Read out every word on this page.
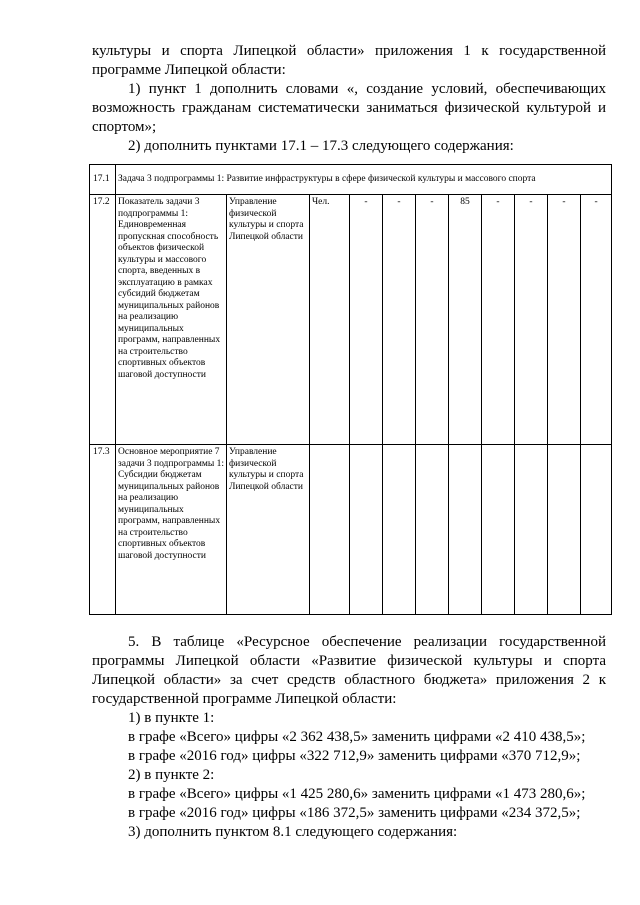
культуры и спорта Липецкой области» приложения 1 к государственной

программе Липецкой области:

1) пункт 1 дополнить словами «, создание условий, обеспечивающих

возможность гражданам систематически заниматься физической культурой и

спортом»;

2) дополнить пунктами 17.1 – 17.3 следующего содержания:

17.1	Задача 3 подпрограммы 1: Развитие инфраструктуры в сфере физической культуры и массового спорта										
17.2	Показатель задачи 3 подпрограммы 1: Единовременная пропускная способность объектов физической культуры и массового спорта, введенных в эксплуатацию в рамках субсидий бюджетам муниципальных районов на реализацию муниципальных программ, направленных на строительство спортивных объектов шаговой доступности	Управление физической культуры и спорта Липецкой области	Чел.	-	-	-	85	-	-	-	-
17.3	Основное мероприятие 7 задачи 3 подпрограммы 1: Субсидии бюджетам муниципальных районов на реализацию муниципальных программ, направленных на строительство спортивных объектов шаговой доступности	Управление физической культуры и спорта Липецкой области									

5. В таблице «Ресурсное обеспечение реализации государственной

программы Липецкой области «Развитие физической культуры и спорта

Липецкой области» за счет средств областного бюджета» приложения 2 к

государственной программе Липецкой области:

1) в пункте 1:

в графе «Всего» цифры «2 362 438,5» заменить цифрами «2 410 438,5»;

в графе «2016 год» цифры «322 712,9» заменить цифрами «370 712,9»;

2) в пункте 2:

в графе «Всего» цифры «1 425 280,6» заменить цифрами «1 473 280,6»;

в графе «2016 год» цифры «186 372,5» заменить цифрами «234 372,5»;

3) дополнить пунктом 8.1 следующего содержания:
